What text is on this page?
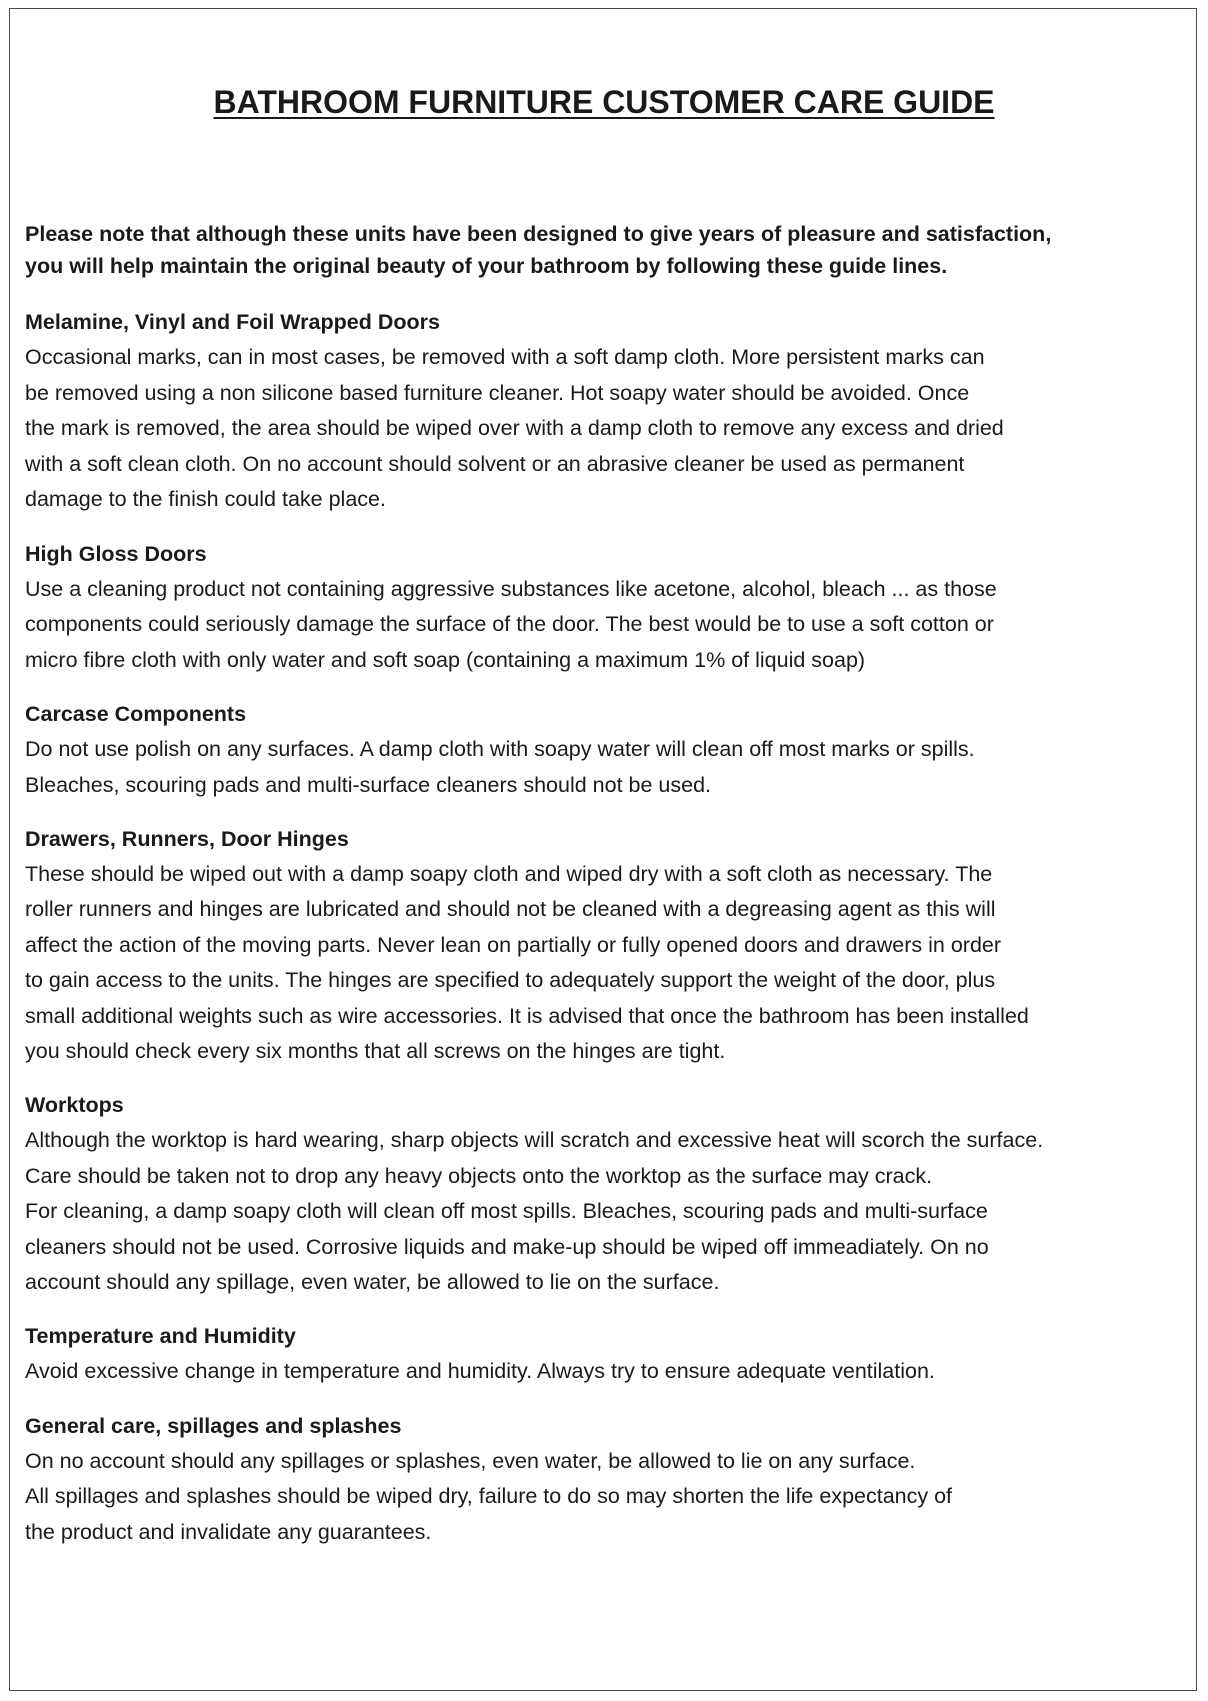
BATHROOM FURNITURE CUSTOMER CARE GUIDE

Please note that although these units have been designed to give years of pleasure and satisfaction,
you will help maintain the original beauty of your bathroom by following these guide lines.

Melamine, Vinyl and Foil Wrapped Doors
Occasional marks, can in most cases, be removed with a soft damp cloth. More persistent marks can
be removed using a non silicone based furniture cleaner. Hot soapy water should be avoided. Once
the mark is removed, the area should be wiped over with a damp cloth to remove any excess and dried
with a soft clean cloth. On no account should solvent or an abrasive cleaner be used as permanent
damage to the finish could take place.
High Gloss Doors
Use a cleaning product not containing aggressive substances like acetone, alcohol, bleach ... as those
components could seriously damage the surface of the door. The best would be to use a soft cotton or
micro fibre cloth with only water and soft soap (containing a maximum 1% of liquid soap)
Carcase Components
Do not use polish on any surfaces. A damp cloth with soapy water will clean off most marks or spills.
Bleaches, scouring pads and multi-surface cleaners should not be used.
Drawers, Runners, Door Hinges
These should be wiped out with a damp soapy cloth and wiped dry with a soft cloth as necessary. The
roller runners and hinges are lubricated and should not be cleaned with a degreasing agent as this will
affect the action of the moving parts. Never lean on partially or fully opened doors and drawers in order
to gain access to the units. The hinges are specified to adequately support the weight of the door, plus
small additional weights such as wire accessories. It is advised that once the bathroom has been installed
you should check every six months that all screws on the hinges are tight.
Worktops
Although the worktop is hard wearing, sharp objects will scratch and excessive heat will scorch the surface.
Care should be taken not to drop any heavy objects onto the worktop as the surface may crack.
For cleaning, a damp soapy cloth will clean off most spills. Bleaches, scouring pads and multi-surface
cleaners should not be used. Corrosive liquids and make-up should be wiped off immeadiately. On no
account should any spillage, even water, be allowed to lie on the surface.
Temperature and Humidity
Avoid excessive change in temperature and humidity. Always try to ensure adequate ventilation.
General care, spillages and splashes
On no account should any spillages or splashes, even water, be allowed to lie on any surface.
All spillages and splashes should be wiped dry, failure to do so may shorten the life expectancy of
the product and invalidate any guarantees.
